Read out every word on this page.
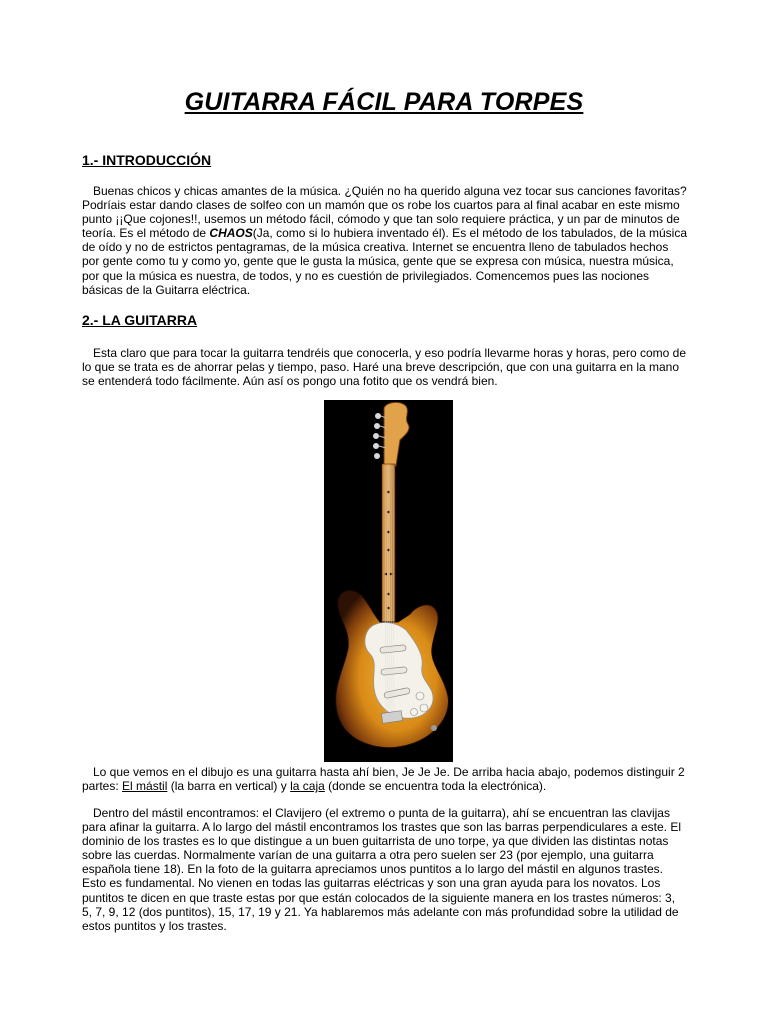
GUITARRA FÁCIL PARA TORPES
1.- INTRODUCCIÓN

Buenas chicos y chicas amantes de la música. ¿Quién no ha querido alguna vez tocar sus canciones favoritas? Podríais estar dando clases de solfeo con un mamón que os robe los cuartos para al final acabar en este mismo punto ¡¡Que cojones!!, usemos un método fácil, cómodo y que tan solo requiere práctica, y un par de minutos de teoría. Es el método de CHAOS(Ja, como si lo hubiera inventado él). Es el método de los tabulados, de la música de oído y no de estrictos pentagramas, de la música creativa. Internet se encuentra lleno de tabulados hechos por gente como tu y como yo, gente que le gusta la música, gente que se expresa con música, nuestra música, por que la música es nuestra, de todos, y no es cuestión de privilegiados. Comencemos pues las nociones básicas de la Guitarra eléctrica.

2.- LA GUITARRA

Esta claro que para tocar la guitarra tendréis que conocerla, y eso podría llevarme horas y horas, pero como de lo que se trata es de ahorrar pelas y tiempo, paso. Haré una breve descripción, que con una guitarra en la mano se entenderá todo fácilmente. Aún así os pongo una fotito que os vendrá bien.

Lo que vemos en el dibujo es una guitarra hasta ahí bien, Je Je Je. De arriba hacia abajo, podemos distinguir 2 partes: El mástil (la barra en vertical) y la caja (donde se encuentra toda la electrónica).

Dentro del mástil encontramos: el Clavijero (el extremo o punta de la guitarra), ahí se encuentran las clavijas para afinar la guitarra. A lo largo del mástil encontramos los trastes que son las barras perpendiculares a este. El dominio de los trastes es lo que distingue a un buen guitarrista de uno torpe, ya que dividen las distintas notas sobre las cuerdas. Normalmente varían de una guitarra a otra pero suelen ser 23 (por ejemplo, una guitarra española tiene 18). En la foto de la guitarra apreciamos unos puntitos a lo largo del mástil en algunos trastes. Esto es fundamental. No vienen en todas las guitarras eléctricas y son una gran ayuda para los novatos. Los puntitos te dicen en que traste estas por que están colocados de la siguiente manera en los trastes números: 3, 5, 7, 9, 12 (dos puntitos), 15, 17, 19 y 21. Ya hablaremos más adelante con más profundidad sobre la utilidad de estos puntitos y los trastes.
